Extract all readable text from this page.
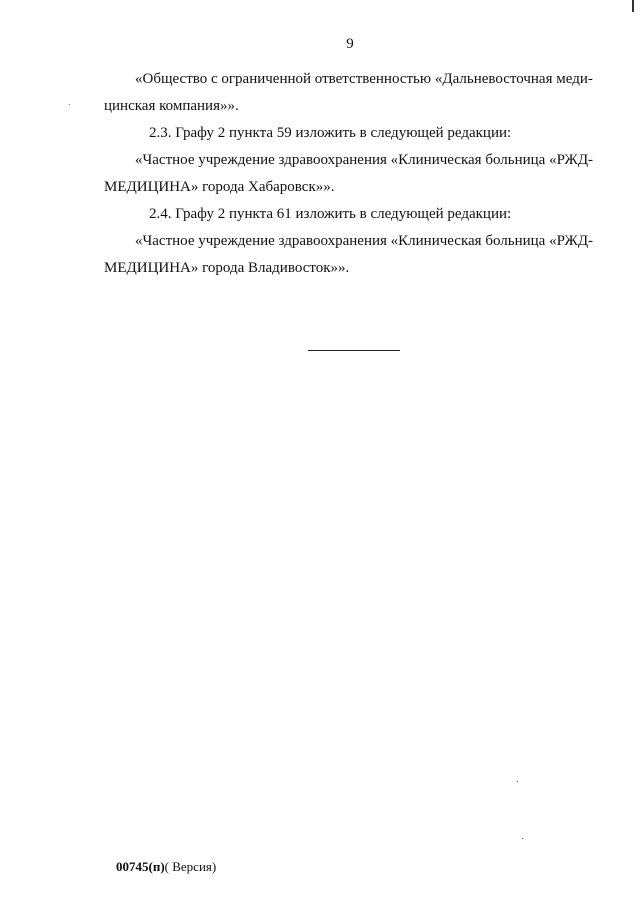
9
«Общество с ограниченной ответственностью «Дальневосточная меди-
цинская компания»».
2.3. Графу 2 пункта 59 изложить в следующей редакции:
«Частное учреждение здравоохранения «Клиническая больница «РЖД-
МЕДИЦИНА» города Хабаровск»».
2.4. Графу 2 пункта 61 изложить в следующей редакции:
«Частное учреждение здравоохранения «Клиническая больница «РЖД-
МЕДИЦИНА» города Владивосток»».
00745(п)( Версия)
